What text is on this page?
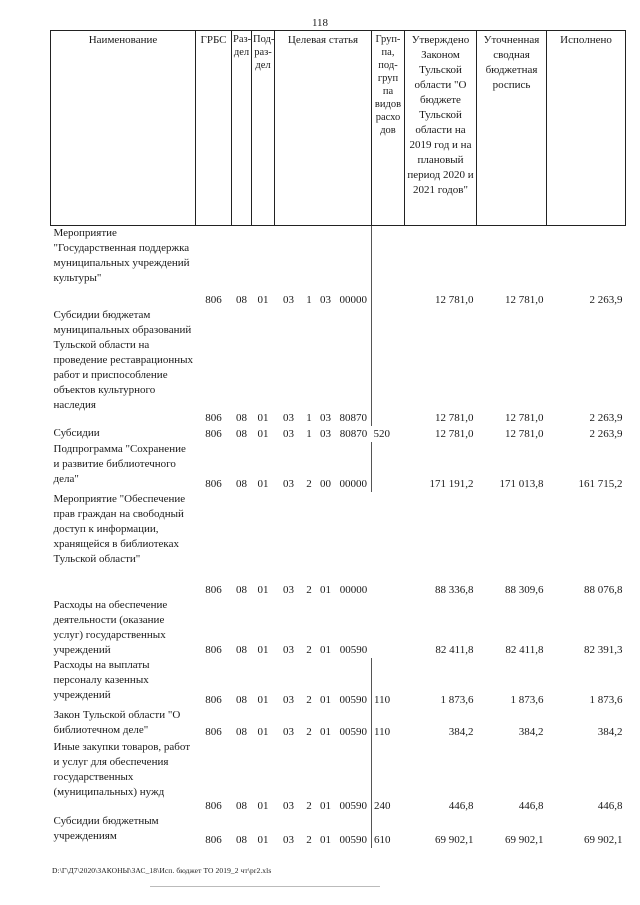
118
Наименование	ГРБС	Раз-дел	Под-раз-дел	Целевая статья				Груп-па, под-груп па видов расхо дов	Утверждено Законом Тульской области "О бюджете Тульской области на 2019 год и на плановый период 2020 и 2021 годов"	Уточненная сводная бюджетная роспись	Исполнено
Мероприятие "Государственная поддержка муниципальных учреждений культуры"	806	08	01	03	1	03	00000		12 781,0	12 781,0	2 263,9
Субсидии бюджетам муниципальных образований Тульской области на проведение реставрационных работ и приспособление объектов культурного наследия	806	08	01	03	1	03	80870		12 781,0	12 781,0	2 263,9
Субсидии	806	08	01	03	1	03	80870	520	12 781,0	12 781,0	2 263,9
Подпрограмма "Сохранение и развитие библиотечного дела"	806	08	01	03	2	00	00000		171 191,2	171 013,8	161 715,2
Мероприятие "Обеспечение прав граждан на свободный доступ к информации, хранящейся в библиотеках Тульской области"	806	08	01	03	2	01	00000		88 336,8	88 309,6	88 076,8
Расходы на обеспечение деятельности (оказание услуг) государственных учреждений	806	08	01	03	2	01	00590		82 411,8	82 411,8	82 391,3
Расходы на выплаты персоналу казенных учреждений	806	08	01	03	2	01	00590	110	1 873,6	1 873,6	1 873,6
Закон Тульской области "О библиотечном деле"	806	08	01	03	2	01	00590	110	384,2	384,2	384,2
Иные закупки товаров, работ и услуг для обеспечения государственных (муниципальных) нужд	806	08	01	03	2	01	00590	240	446,8	446,8	446,8
Субсидии бюджетным учреждениям	806	08	01	03	2	01	00590	610	69 902,1	69 902,1	69 902,1
D:\Г\Д7\2020\ЗАКОНЫ\ЗАС_18\Исп. бюджет ТО 2019_2 чт\рr2.xls
